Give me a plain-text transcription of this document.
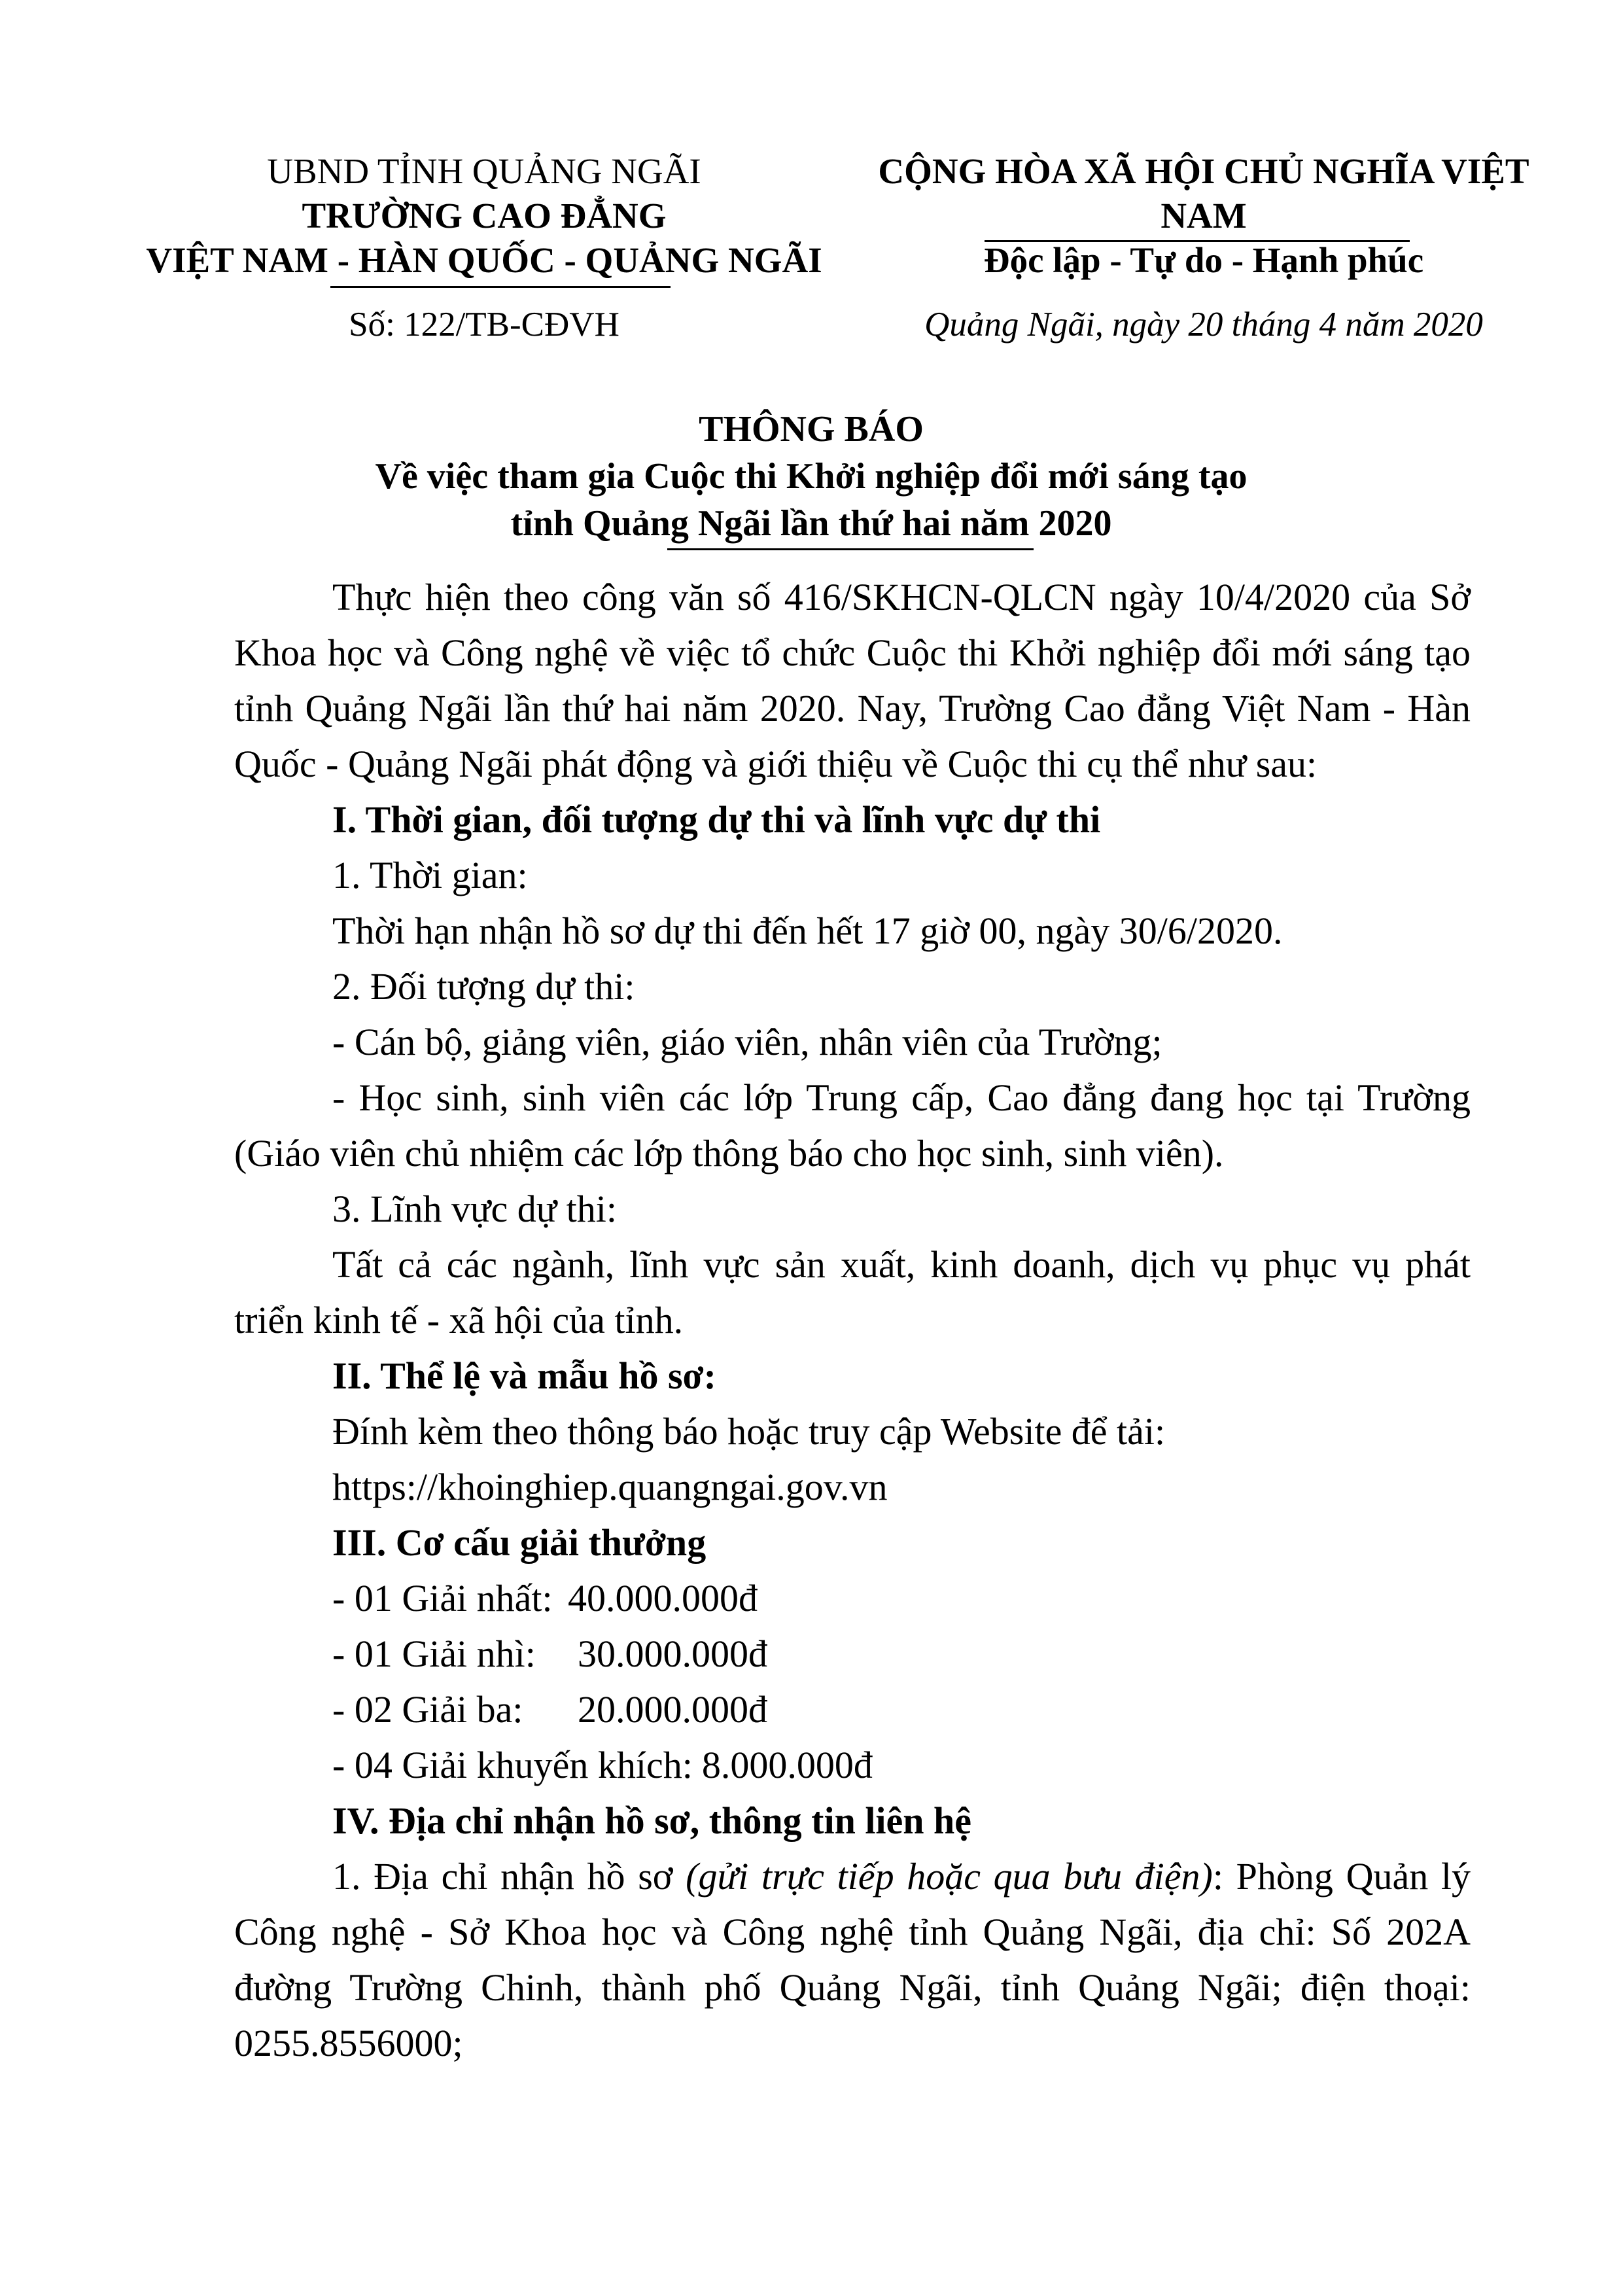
UBND TỈNH QUẢNG NGÃI
TRƯỜNG CAO ĐẲNG
VIỆT NAM - HÀN QUỐC - QUẢNG NGÃI
CỘNG HÒA XÃ HỘI CHỦ NGHĨA VIỆT NAM
Độc lập - Tự do - Hạnh phúc
Số: 122/TB-CĐVH	Quảng Ngãi, ngày 20 tháng 4 năm 2020
THÔNG BÁO
Về việc tham gia Cuộc thi Khởi nghiệp đổi mới sáng tạo
tỉnh Quảng Ngãi lần thứ hai năm 2020

Thực hiện theo công văn số 416/SKHCN-QLCN ngày 10/4/2020 của Sở Khoa học và Công nghệ về việc tổ chức Cuộc thi Khởi nghiệp đổi mới sáng tạo tỉnh Quảng Ngãi lần thứ hai năm 2020. Nay, Trường Cao đẳng Việt Nam - Hàn Quốc - Quảng Ngãi phát động và giới thiệu về Cuộc thi cụ thể như sau:

I. Thời gian, đối tượng dự thi và lĩnh vực dự thi

1. Thời gian:

Thời hạn nhận hồ sơ dự thi đến hết 17 giờ 00, ngày 30/6/2020.

2. Đối tượng dự thi:

- Cán bộ, giảng viên, giáo viên, nhân viên của Trường;

- Học sinh, sinh viên các lớp Trung cấp, Cao đẳng đang học tại Trường (Giáo viên chủ nhiệm các lớp thông báo cho học sinh, sinh viên).

3. Lĩnh vực dự thi:

Tất cả các ngành, lĩnh vực sản xuất, kinh doanh, dịch vụ phục vụ phát triển kinh tế - xã hội của tỉnh.

II. Thể lệ và mẫu hồ sơ:

Đính kèm theo thông báo hoặc truy cập Website để tải:

https://khoinghiep.quangngai.gov.vn

III. Cơ cấu giải thưởng

- 01 Giải nhất: 40.000.000đ
- 01 Giải nhì:	30.000.000đ
- 02 Giải ba:	20.000.000đ
- 04 Giải khuyến khích: 8.000.000đ

IV. Địa chỉ nhận hồ sơ, thông tin liên hệ

1. Địa chỉ nhận hồ sơ (gửi trực tiếp hoặc qua bưu điện): Phòng Quản lý Công nghệ - Sở Khoa học và Công nghệ tỉnh Quảng Ngãi, địa chỉ: Số 202A đường Trường Chinh, thành phố Quảng Ngãi, tỉnh Quảng Ngãi; điện thoại: 0255.8556000;
